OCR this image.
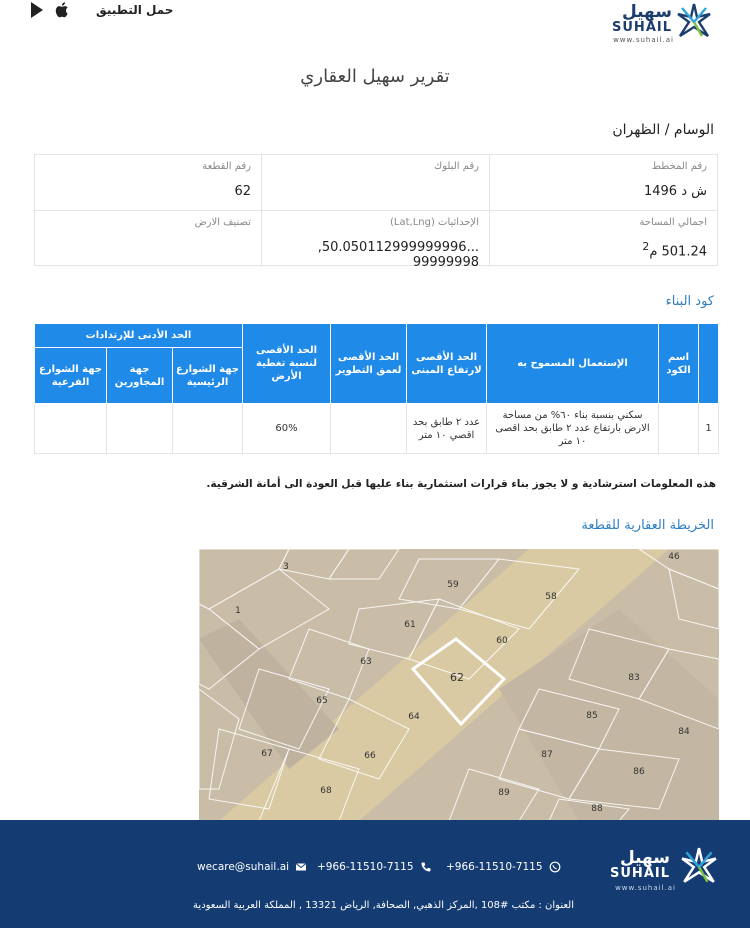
سهيل
SUHAIL
www.suhail.ai
حمل التطبيق
تقرير سهيل العقاري
الوسام / الظهران
رقم المخطط
ش د 1496
رقم البلوك
رقم القطعة
62
اجمالي المساحة
501.24 م$^2$
الإحداثيات (Lat,Lng)
...50.050112999999996, 99999998
تصنيف الارض
كود البناء
	اسم الكود	الإستعمال المسموح به	الحد الأقصى لارتفاع المبنى	الحد الأقصى لعمق التطوير	الحد الأقصى لنسبة تغطية الأرض	الحد الأدنى للإرتدادات		
						جهة الشوارع الرئيسية	جهة المجاورين	جهة الشوارع الفرعية
1		سكني بنسبة بناء ٦٠% من مساحة الارض بارتفاع عدد ٢ طابق بحد اقصى ١٠ متر	عدد ٢ طابق بحد اقصي ١٠ متر		60%			
هذه المعلومات استرشادية و لا يجوز بناء قرارات استثمارية بناء عليها قبل العودة الى أمانة الشرقية.
الخريطة العقارية للقطعة
62
46
3
59
58
1
61
60
63
83
65
64	85
84
67	66	87
86
68	89
88
سهيل
SUHAIL
www.suhail.ai
+966-11510-7115
+966-11510-7115
wecare@suhail.ai
العنوان : مكتب #108 ,المركز الذهبي, الصحافة, الرياض 13321 , المملكة العربية السعودية
